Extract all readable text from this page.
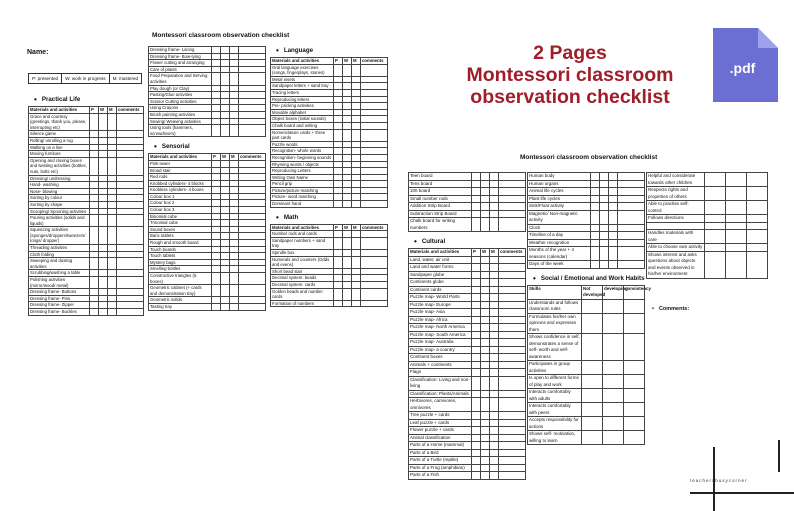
Montessori classroom observation checklist
Name:
P: presented	W: work in progress	M: mastered
• Practical Life
Materials and activities	P	W	M	comments
Grace and courtesy (greetings, thank you, please, interrupting etc)				
Silence game				
Rolling/ unrolling a rug				
Walking on a line				
Moving furniture				
Opening and closing boxes and twisting activities (bottles, nuts, bolts etc)				
Dressing/ undressing				
Hand- washing				
Nose- blowing				
Sorting by colour				
Sorting by shape				
Scooping/ Spooning activities				
Pouring activities (solids and liquids)				
Squeezing activities (sponges/droppers/tweezers/ tongs/ dropper)				
Threading activities				
Cloth folding				
Sweeping and dusting activities				
Scrubbing/washing a table				
Polishing activities (mirror/wood/ metal)				
Dressing frame- Buttons				
Dressing frame- Pins				
Dressing frame- Zipper				
Dressing frame- Buckles				
Dressing frame- Lacing				
Dressing frame- Bow-tying				
Flower cutting and arranging				
Care of plants				
Food Preparation and Serving activities				
Play dough (or Clay)				
Pasting/Glue activities				
Scissor Cutting activities				
Using Crayons				
Brush painting activities				
Sewing/ Weaving activities				
Using tools (hammers, screwdrivers)				
• Sensorial
Materials and activities	P	W	M	comments
Pink tower				
Broad stair				
Red rods				
Knobbed cylinders- 4 blocks				
Knobless cylinders- 4 boxes				
Colour box 1				
Colour box 2				
Colour box 3				
Binomial cube				
Trinomial cube				
Sound boxes				
Baric tablets				
Rough and smooth board				
Touch boards				
Touch tablets				
Mystery bags				
Smelling bottles				
Constructive triangles (5 boxes)				
Geometric cabinet (+ cards and demonstration tray)				
Geometric solids				
Tasting tray				
• Language
Materials and activities	P	W	M	comments
Oral language exercises (songs, fingerplays, stories)				
Metal insets				
Sandpaper letters + sand tray				
Tracing letters				
Reproducing letters				
Pre- pricking activities				
Movable alphabet				
Object boxes (initial sounds)				
Chalk board and writing				
Nomenclature cards + three part cards				
Puzzle words				
Recognition- whole words				
Recognition- beginning sounds				
Rhyming words / objects				
Reproducing Letters				
Writing Own Name				
Pencil grip				
Picture/picture matching				
Picture- word matching				
Dominant hand				
• Math
Materials and activities	P	W	M	comments
Number rods and cards				
Sandpaper numbers + sand tray				
Spindle box				
Numerals and counters (Odds and evens)				
Short bead stair				
Decimal system: beads				
Decimal system: cards				
Golden beads and number cards				
Formation of numbers				
2 Pages
Montessori classroom
observation checklist
.pdf
Montessori classroom observation checklist
Teen board				
Tens board				
100 board				
Small number rods				
Addition Strip Board				
Subtraction Strip Board				
Chalk board for writing numbers				
• Cultural
Materials and activities	P	W	M	comments
Land, water, air unit				
Land and water forms				
Sandpaper globe				
Continents globe				
Continent cards				
Puzzle map- World Parts				
Puzzle map- Europe				
Puzzle map- Asia				
Puzzle map- Africa				
Puzzle map- North America				
Puzzle map- South America				
Puzzle map- Australia				
Puzzle map- a country				
Continent boxes				
Animals + continents				
Flags				
Classification: Living and non-living				
Classification: Plants/Animals				
Herbivores, carnivores, omnivores				
Tree puzzle + cards				
Leaf puzzle + cards				
Flower puzzle + cards				
Animal classification				
Parts of a Horse (mammal)				
Parts of a Bird				
Parts of a Turtle (reptile)				
Parts of a Frog (amphibian)				
Parts of a Fish				
Human body				
Human organs				
Animal life cycles				
Plant life cycles				
Sink/Float activity				
Magnetic/ Non-magnetic activity				
Clock				
Timeline of a day				
Weather recognition				
Months of the year + 4 seasons (calendar)				
Days of the week				
• Social / Emotional and Work Habits
Skills	Not developed	developing	consistency
Understands and follows classroom rules			
Formulates his/her own opinions and expresses them			
Shows confidence in self, demonstrates a sense of self- worth and self- awareness			
Participates in group activities			
Is open to different forms of play and work			
Interacts comfortably with adults			
Interacts comfortably with peers			
Accepts responsibility for actions			
Shows self- motivation, willing to learn			
Helpful and considerate towards other children			
Respects rights and properties of others			
Able to practise self- control			
Follows directions			

Handles materials with care			
Able to choose own activity			
Shows interest and asks questions about objects and events observed in his/her environment			
• Comments:
teachersbusycorner
